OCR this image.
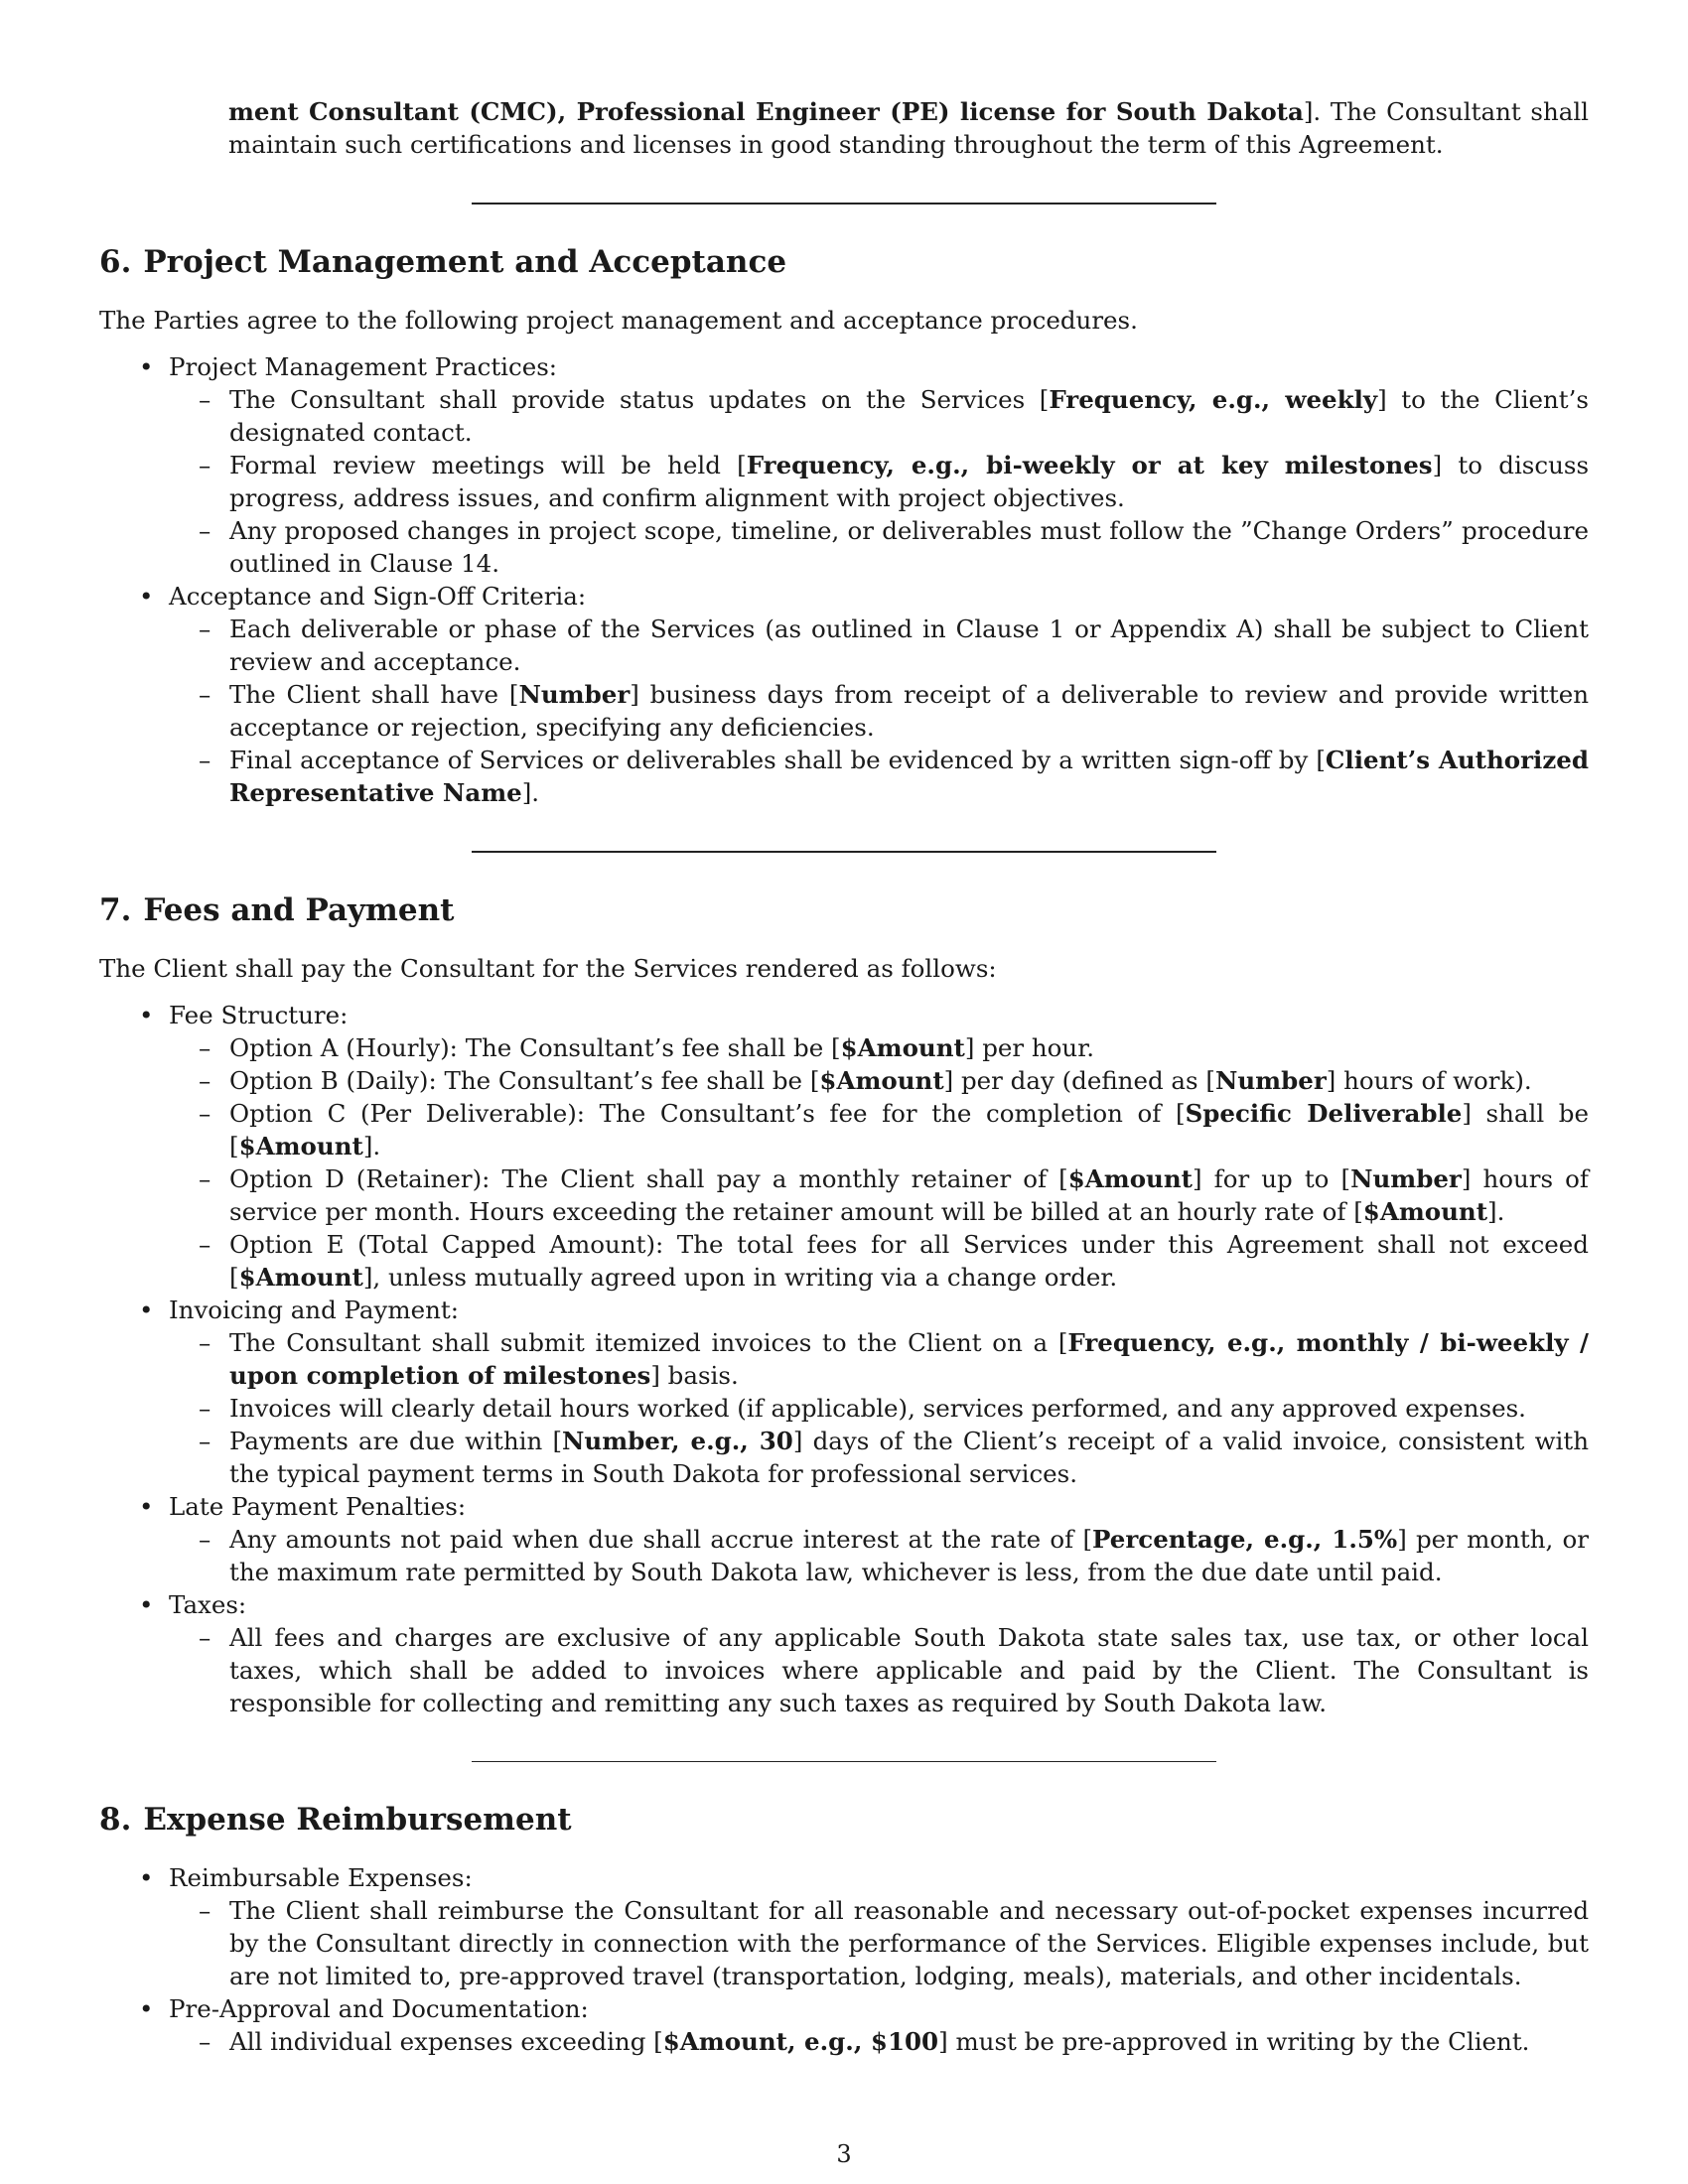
ment Consultant (CMC), Professional Engineer (PE) license for South Dakota]. The Consultant shall maintain such certifications and licenses in good standing throughout the term of this Agreement.

6. Project Management and Acceptance

The Parties agree to the following project management and acceptance procedures.

• Project Management Practices:
– The Consultant shall provide status updates on the Services [Frequency, e.g., weekly] to the Client’s designated contact.
– Formal review meetings will be held [Frequency, e.g., bi-weekly or at key milestones] to discuss progress, address issues, and confirm alignment with project objectives.
– Any proposed changes in project scope, timeline, or deliverables must follow the ”Change Orders” procedure outlined in Clause 14.
• Acceptance and Sign-Off Criteria:
– Each deliverable or phase of the Services (as outlined in Clause 1 or Appendix A) shall be subject to Client review and acceptance.
– The Client shall have [Number] business days from receipt of a deliverable to review and provide written acceptance or rejection, specifying any deficiencies.
– Final acceptance of Services or deliverables shall be evidenced by a written sign-off by [Client’s Authorized Representative Name].
7. Fees and Payment

The Client shall pay the Consultant for the Services rendered as follows:

• Fee Structure:
– Option A (Hourly): The Consultant’s fee shall be [$Amount] per hour.
– Option B (Daily): The Consultant’s fee shall be [$Amount] per day (defined as [Number] hours of work).
– Option C (Per Deliverable): The Consultant’s fee for the completion of [Specific Deliverable] shall be [$Amount].
– Option D (Retainer): The Client shall pay a monthly retainer of [$Amount] for up to [Number] hours of service per month. Hours exceeding the retainer amount will be billed at an hourly rate of [$Amount].
– Option E (Total Capped Amount): The total fees for all Services under this Agreement shall not exceed [$Amount], unless mutually agreed upon in writing via a change order.
• Invoicing and Payment:
– The Consultant shall submit itemized invoices to the Client on a [Frequency, e.g., monthly / bi-weekly / upon completion of milestones] basis.
– Invoices will clearly detail hours worked (if applicable), services performed, and any approved expenses.
– Payments are due within [Number, e.g., 30] days of the Client’s receipt of a valid invoice, consistent with the typical payment terms in South Dakota for professional services.
• Late Payment Penalties:
– Any amounts not paid when due shall accrue interest at the rate of [Percentage, e.g., 1.5%] per month, or the maximum rate permitted by South Dakota law, whichever is less, from the due date until paid.
• Taxes:
– All fees and charges are exclusive of any applicable South Dakota state sales tax, use tax, or other local taxes, which shall be added to invoices where applicable and paid by the Client. The Consultant is responsible for collecting and remitting any such taxes as required by South Dakota law.
8. Expense Reimbursement
• Reimbursable Expenses:
– The Client shall reimburse the Consultant for all reasonable and necessary out-of-pocket expenses incurred by the Consultant directly in connection with the performance of the Services. Eligible expenses include, but are not limited to, pre-approved travel (transportation, lodging, meals), materials, and other incidentals.
• Pre-Approval and Documentation:
– All individual expenses exceeding [$Amount, e.g., $100] must be pre-approved in writing by the Client.
3
